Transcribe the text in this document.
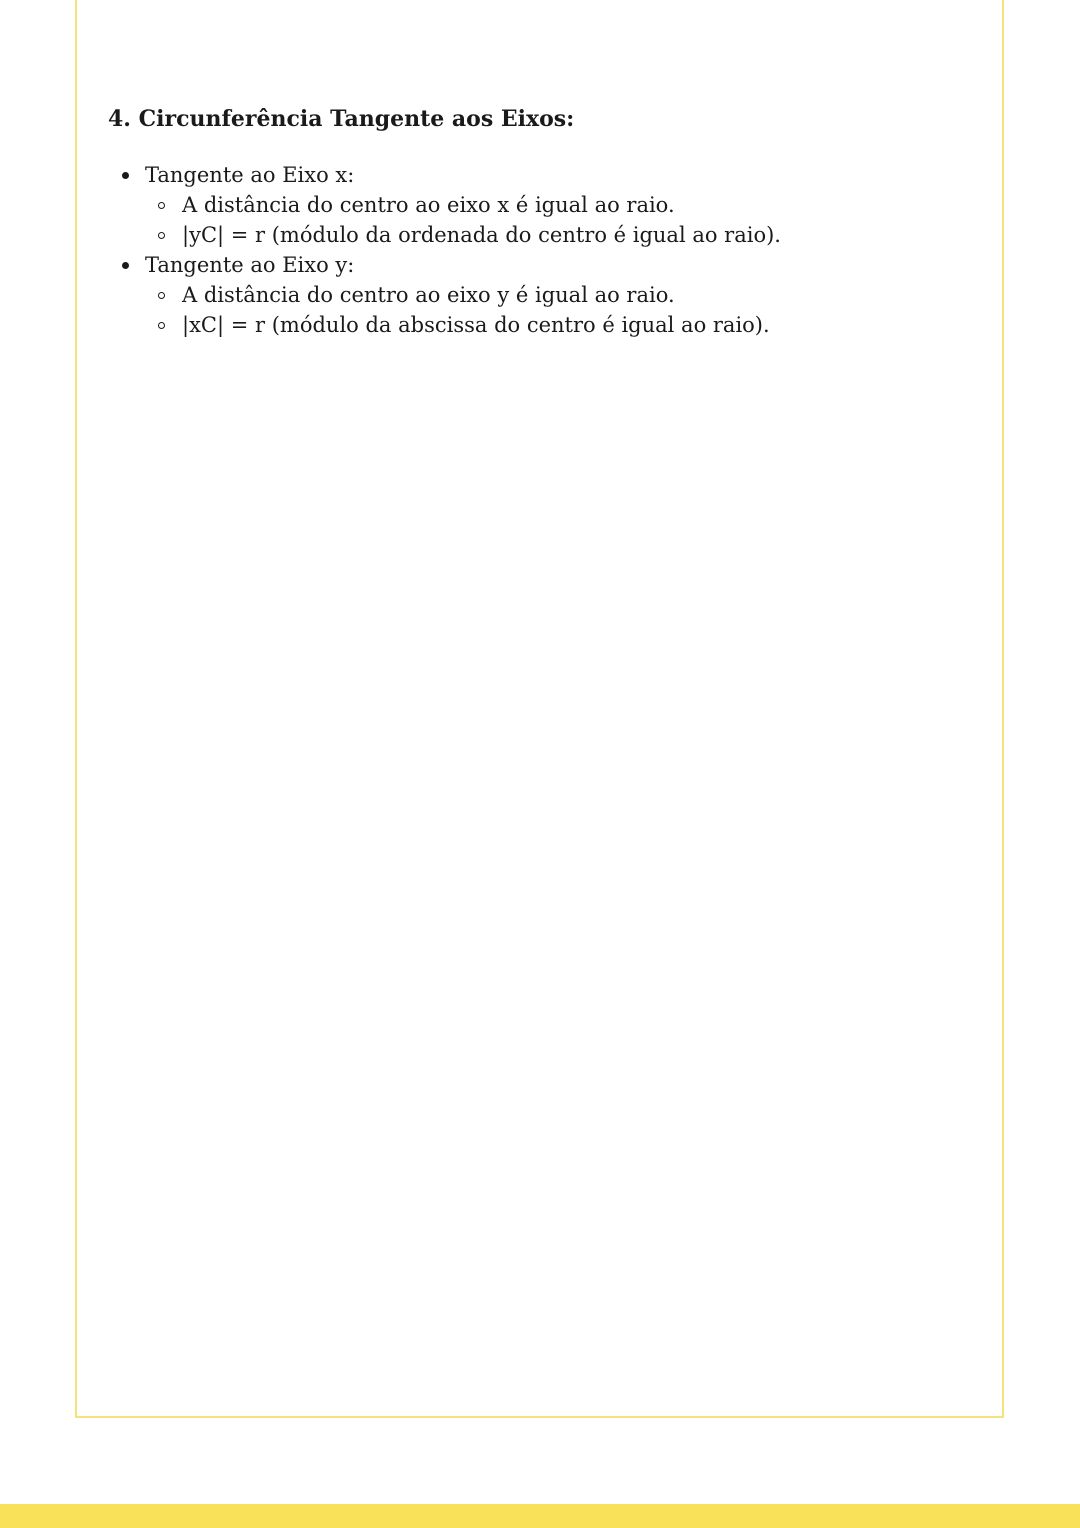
4. Circunferência Tangente aos Eixos:
Tangente ao Eixo x:
A distância do centro ao eixo x é igual ao raio.
|yC| = r (módulo da ordenada do centro é igual ao raio).
Tangente ao Eixo y:
A distância do centro ao eixo y é igual ao raio.
|xC| = r (módulo da abscissa do centro é igual ao raio).
